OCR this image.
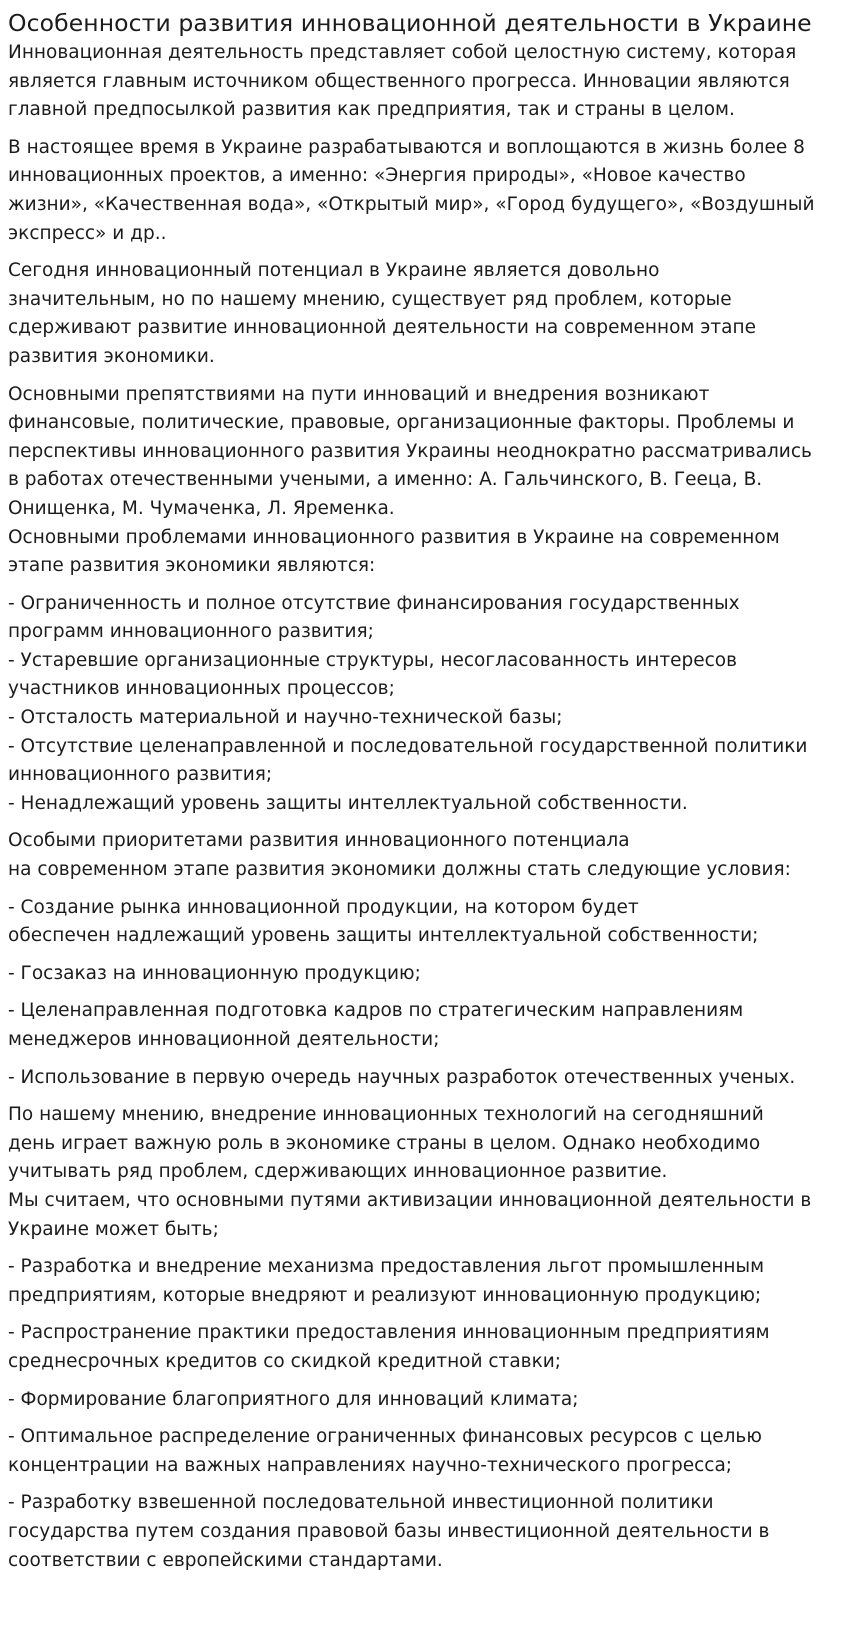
Особенности развития инновационной деятельности в Украине

Инновационная деятельность представляет собой целостную систему, которая
является главным источником общественного прогресса. Инновации являются
главной предпосылкой развития как предприятия, так и страны в целом.

В настоящее время в Украине разрабатываются и воплощаются в жизнь более 8
инновационных проектов, а именно: «Энергия природы», «Новое качество
жизни», «Качественная вода», «Открытый мир», «Город будущего», «Воздушный
экспресс» и др..

Сегодня инновационный потенциал в Украине является довольно
значительным, но по нашему мнению, существует ряд проблем, которые
сдерживают развитие инновационной деятельности на современном этапе
развития экономики.

Основными препятствиями на пути инноваций и внедрения возникают
финансовые, политические, правовые, организационные факторы. Проблемы и
перспективы инновационного развития Украины неоднократно рассматривались
в работах отечественными учеными, а именно: А. Гальчинского, В. Гееца, В.
Онищенка, М. Чумаченка, Л. Яременка.
Основными проблемами инновационного развития в Украине на современном
этапе развития экономики являются:

- Ограниченность и полное отсутствие финансирования государственных
программ инновационного развития;
- Устаревшие организационные структуры, несогласованность интересов
участников инновационных процессов;
- Отсталость материальной и научно-технической базы;
- Отсутствие целенаправленной и последовательной государственной политики
инновационного развития;
- Ненадлежащий уровень защиты интеллектуальной собственности.

Особыми приоритетами развития инновационного потенциала
на современном этапе развития экономики должны стать следующие условия:

- Создание рынка инновационной продукции, на котором будет
обеспечен надлежащий уровень защиты интеллектуальной собственности;

- Госзаказ на инновационную продукцию;

- Целенаправленная подготовка кадров по стратегическим направлениям
менеджеров инновационной деятельности;

- Использование в первую очередь научных разработок отечественных ученых.

По нашему мнению, внедрение инновационных технологий на сегодняшний
день играет важную роль в экономике страны в целом. Однако необходимо
учитывать ряд проблем, сдерживающих инновационное развитие.
Мы считаем, что основными путями активизации инновационной деятельности в
Украине может быть;

- Разработка и внедрение механизма предоставления льгот промышленным
предприятиям, которые внедряют и реализуют инновационную продукцию;

- Распространение практики предоставления инновационным предприятиям
среднесрочных кредитов со скидкой кредитной ставки;

- Формирование благоприятного для инноваций климата;

- Оптимальное распределение ограниченных финансовых ресурсов с целью
концентрации на важных направлениях научно-технического прогресса;

- Разработку взвешенной последовательной инвестиционной политики
государства путем создания правовой базы инвестиционной деятельности в
соответствии с европейскими стандартами.
